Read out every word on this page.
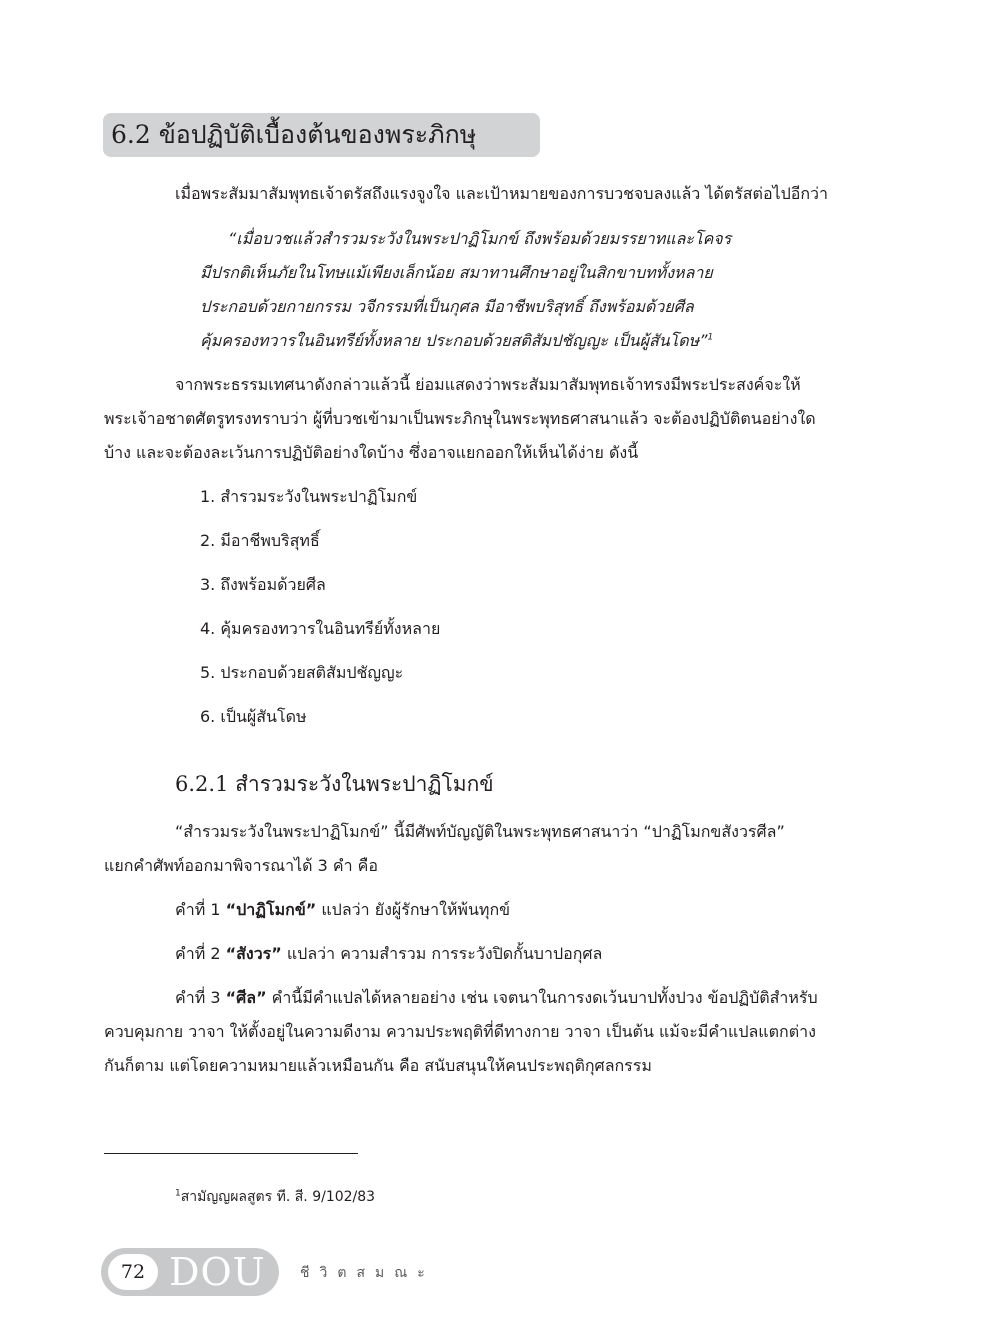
6.2 ข้อปฏิบัติเบื้องต้นของพระภิกษุ

เมื่อพระสัมมาสัมพุทธเจ้าตรัสถึงแรงจูงใจ และเป้าหมายของการบวชจบลงแล้ว ได้ตรัสต่อไปอีกว่า

“เมื่อบวชแล้วสำรวมระวังในพระปาฏิโมกข์ ถึงพร้อมด้วยมรรยาทและโคจร

มีปรกติเห็นภัยในโทษแม้เพียงเล็กน้อย สมาทานศึกษาอยู่ในสิกขาบททั้งหลาย

ประกอบด้วยกายกรรม วจีกรรมที่เป็นกุศล มีอาชีพบริสุทธิ์ ถึงพร้อมด้วยศีล

คุ้มครองทวารในอินทรีย์ทั้งหลาย ประกอบด้วยสติสัมปชัญญะ เป็นผู้สันโดษ”$^1$

จากพระธรรมเทศนาดังกล่าวแล้วนี้ ย่อมแสดงว่าพระสัมมาสัมพุทธเจ้าทรงมีพระประสงค์จะให้

พระเจ้าอชาตศัตรูทรงทราบว่า ผู้ที่บวชเข้ามาเป็นพระภิกษุในพระพุทธศาสนาแล้ว จะต้องปฏิบัติตนอย่างใด

บ้าง และจะต้องละเว้นการปฏิบัติอย่างใดบ้าง ซึ่งอาจแยกออกให้เห็นได้ง่าย ดังนี้

1. สำรวมระวังในพระปาฏิโมกข์

2. มีอาชีพบริสุทธิ์

3. ถึงพร้อมด้วยศีล

4. คุ้มครองทวารในอินทรีย์ทั้งหลาย

5. ประกอบด้วยสติสัมปชัญญะ

6. เป็นผู้สันโดษ

6.2.1 สำรวมระวังในพระปาฏิโมกข์

“สำรวมระวังในพระปาฏิโมกข์” นี้มีศัพท์บัญญัติในพระพุทธศาสนาว่า “ปาฏิโมกขสังวรศีล”

แยกคำศัพท์ออกมาพิจารณาได้ 3 คำ คือ

คำที่ 1 “ปาฏิโมกข์” แปลว่า ยังผู้รักษาให้พ้นทุกข์

คำที่ 2 “สังวร” แปลว่า ความสำรวม การระวังปิดกั้นบาปอกุศล

คำที่ 3 “ศีล” คำนี้มีคำแปลได้หลายอย่าง เช่น เจตนาในการงดเว้นบาปทั้งปวง ข้อปฏิบัติสำหรับ

ควบคุมกาย วาจา ให้ตั้งอยู่ในความดีงาม ความประพฤติที่ดีทางกาย วาจา เป็นต้น แม้จะมีคำแปลแตกต่าง

กันก็ตาม แต่โดยความหมายแล้วเหมือนกัน คือ สนับสนุนให้คนประพฤติกุศลกรรม

$^1$สามัญญผลสูตร ที. สี. 9/102/83

72 DOU ชีวิตสมณะ
